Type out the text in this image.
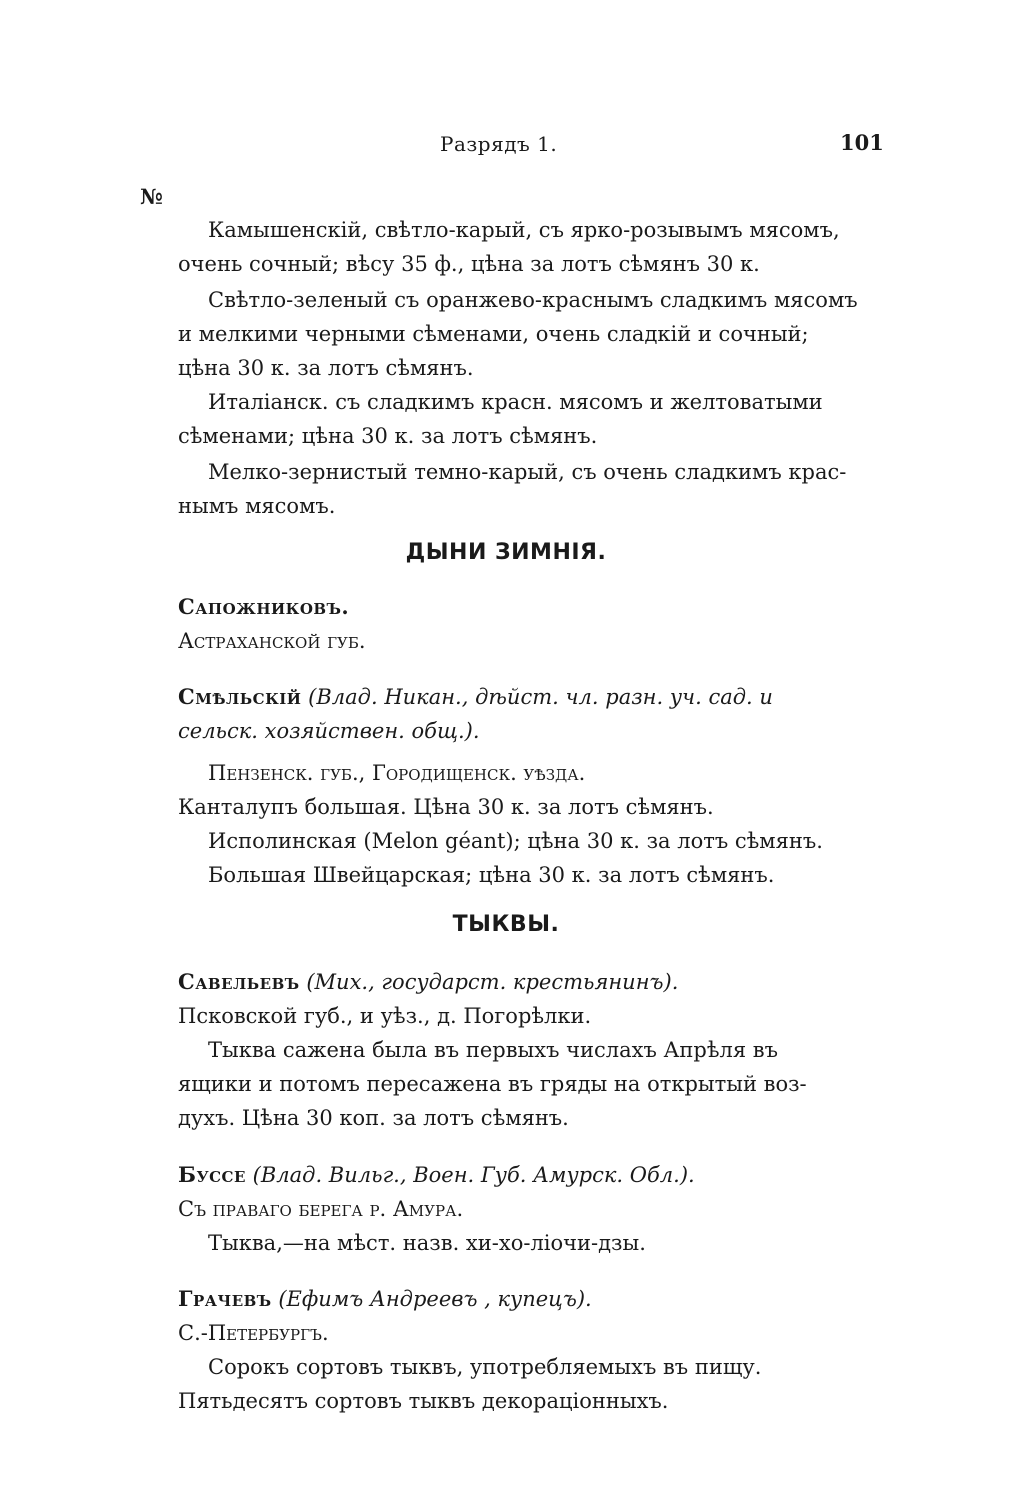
Разрядъ 1.	101
№
Камышенскій, свѣтло-карый, съ ярко-розывымъ мясомъ,
очень сочный; вѣсу 35 ф., цѣна за лотъ сѣмянъ 30 к.
Свѣтло-зеленый съ оранжево-краснымъ сладкимъ мясомъ
и мелкими черными сѣменами, очень сладкій и сочный;
цѣна 30 к. за лотъ сѣмянъ.
Италіанск. съ сладкимъ красн. мясомъ и желтоватыми
сѣменами; цѣна 30 к. за лотъ сѣмянъ.
Мелко-зернистый темно-карый, съ очень сладкимъ крас-
нымъ мясомъ.
ДЫНИ ЗИМНІЯ.
Сапожниковъ.
Астраханской губ.
Смѣльскій (Влад. Никан., дѣйст. чл. разн. уч. сад. и
сельск. хозяйствен. общ.).
Пензенск. губ., Городищенск. уѣзда.
Канталупъ большая. Цѣна 30 к. за лотъ сѣмянъ.
Исполинская (Melon géant); цѣна 30 к. за лотъ сѣмянъ.
Большая Швейцарская; цѣна 30 к. за лотъ сѣмянъ.
ТЫКВЫ.
Савельевъ (Мих., государст. крестьянинъ).
Псковской губ., и уѣз., д. Погорѣлки.
Тыква сажена была въ первыхъ числахъ Апрѣля въ
ящики и потомъ пересажена въ гряды на открытый воз-
духъ. Цѣна 30 коп. за лотъ сѣмянъ.
Буссе (Влад. Вильг., Воен. Губ. Амурск. Обл.).
Съ праваго берега р. Амура.
Тыква,—на мѣст. назв. хи-хо-ліочи-дзы.
Грачевъ (Ефимъ Андреевъ , купецъ).
С.-Петербургъ.
Сорокъ сортовъ тыквъ, употребляемыхъ въ пищу.
Пятьдесятъ сортовъ тыквъ декораціонныхъ.
